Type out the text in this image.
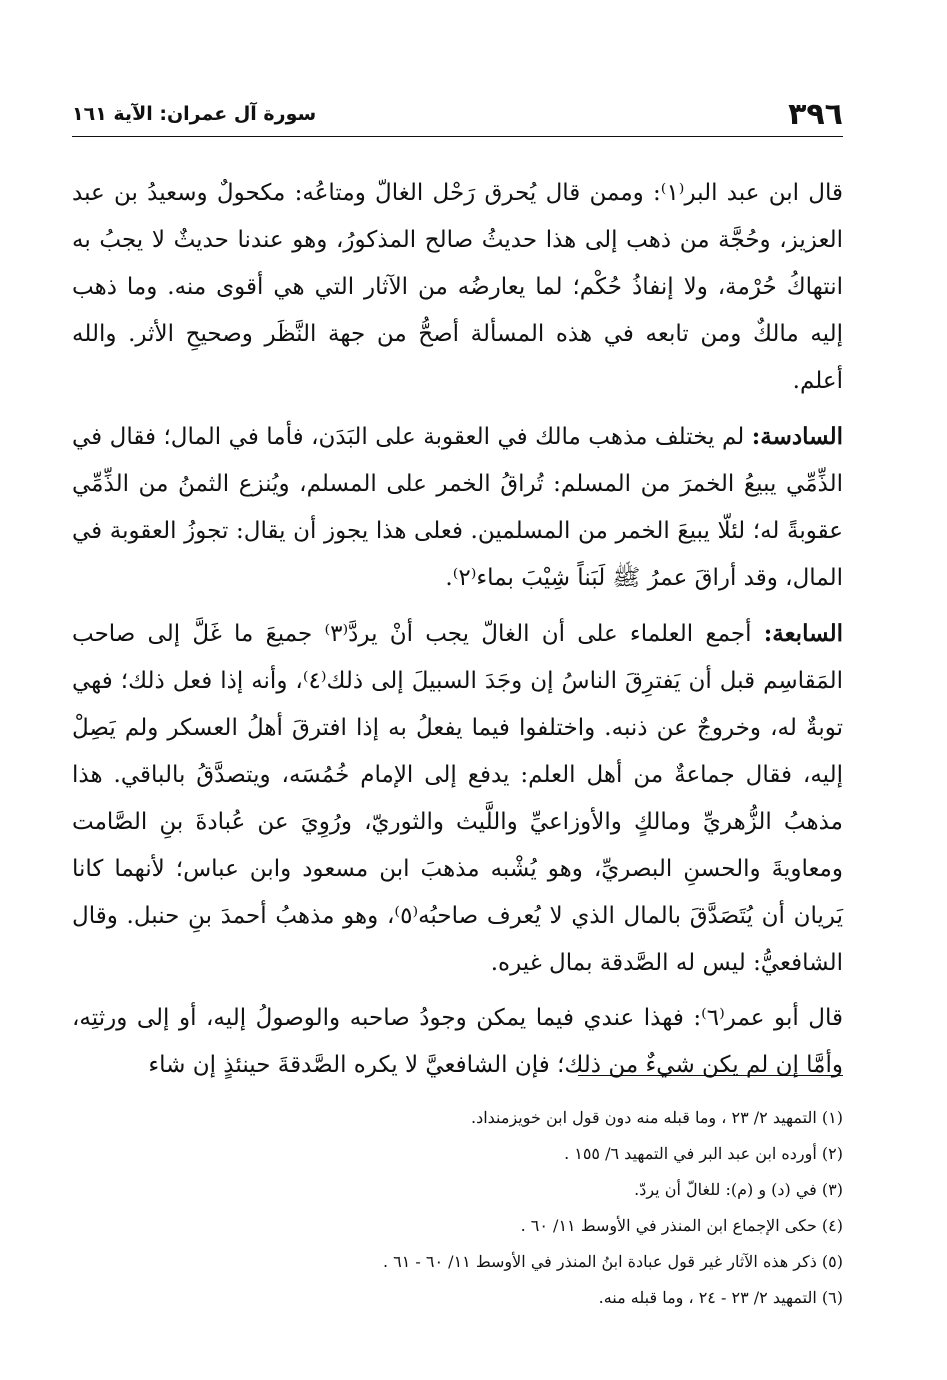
٣٩٦
سورة آل عمران: الآية ١٦١

قال ابن عبد البر⁽١⁾: وممن قال يُحرق رَحْل الغالّ ومتاعُه: مكحولٌ وسعيدُ بن عبد العزيز، وحُجَّة من ذهب إلى هذا حديثُ صالح المذكورُ، وهو عندنا حديثٌ لا يجبُ به انتهاكُ حُرْمة، ولا إنفاذُ حُكْم؛ لما يعارضُه من الآثار التي هي أقوى منه. وما ذهب إليه مالكٌ ومن تابعه في هذه المسألة أصحُّ من جهة النَّظَر وصحيحِ الأثر. والله أعلم.

السادسة: لم يختلف مذهب مالك في العقوبة على البَدَن، فأما في المال؛ فقال في الذِّمِّي يبيعُ الخمرَ من المسلم: تُراقُ الخمر على المسلم، ويُنزع الثمنُ من الذِّمِّي عقوبةً له؛ لئلّا يبيعَ الخمر من المسلمين. فعلى هذا يجوز أن يقال: تجوزُ العقوبة في المال، وقد أراقَ عمرُ ﷺ لَبَناً شِيْبَ بماء⁽٢⁾.

السابعة: أجمع العلماء على أن الغالّ يجب أنْ يردَّ⁽٣⁾ جميعَ ما غَلَّ إلى صاحب المَقاسِم قبل أن يَفترِقَ الناسُ إن وجَدَ السبيلَ إلى ذلك⁽٤⁾، وأنه إذا فعل ذلك؛ فهي توبةٌ له، وخروجٌ عن ذنبه. واختلفوا فيما يفعلُ به إذا افترقَ أهلُ العسكر ولم يَصِلْ إليه، فقال جماعةٌ من أهل العلم: يدفع إلى الإمام خُمُسَه، ويتصدَّقُ بالباقي. هذا مذهبُ الزُّهريِّ ومالكٍ والأوزاعيِّ واللَّيث والثوريّ، ورُوِيَ عن عُبادةَ بنِ الصَّامت ومعاويةَ والحسنِ البصريِّ، وهو يُشْبه مذهبَ ابن مسعود وابن عباس؛ لأنهما كانا يَريان أن يُتَصَدَّقَ بالمال الذي لا يُعرف صاحبُه⁽٥⁾، وهو مذهبُ أحمدَ بنِ حنبل. وقال الشافعيُّ: ليس له الصَّدقة بمال غيره.

قال أبو عمر⁽٦⁾: فهذا عندي فيما يمكن وجودُ صاحبه والوصولُ إليه، أو إلى ورثتِه، وأمَّا إن لم يكن شيءٌ من ذلك؛ فإن الشافعيَّ لا يكره الصَّدقةَ حينئذٍ إن شاء

(١) التمهيد ٢/ ٢٣ ، وما قبله منه دون قول ابن خويزمنداد.
(٢) أورده ابن عبد البر في التمهيد ٦/ ١٥٥ .
(٣) في (د) و (م): للغالّ أن يردّ.
(٤) حكى الإجماع ابن المنذر في الأوسط ١١/ ٦٠ .
(٥) ذكر هذه الآثار غير قول عبادة ابنُ المنذر في الأوسط ١١/ ٦٠ - ٦١ .
(٦) التمهيد ٢/ ٢٣ - ٢٤ ، وما قبله منه.
